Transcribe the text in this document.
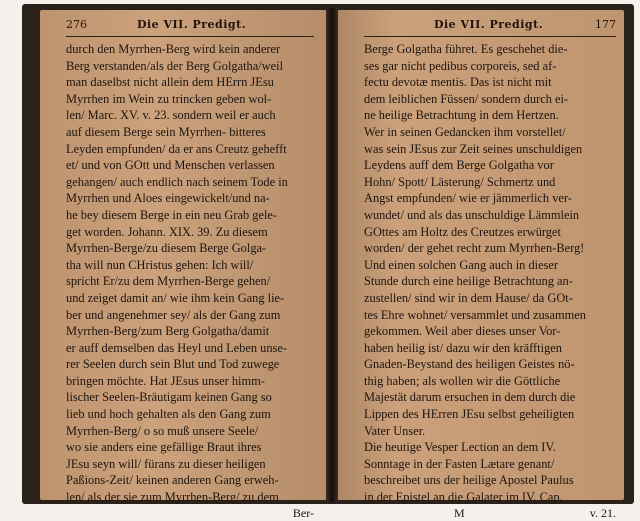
276	Die VII. Predigt.
durch den Myrrhen-Berg wird kein anderer
Berg verstanden/als der Berg Golgatha/weil
man daselbst nicht allein dem HErrn JEsu
Myrrhen im Wein zu trincken geben wol-
len/ Marc. XV. v. 23. sondern weil er auch
auf diesem Berge sein Myrrhen- bitteres
Leyden empfunden/ da er ans Creutz gehefft
et/ und von GOtt und Menschen verlassen
gehangen/ auch endlich nach seinem Tode in
Myrrhen und Aloes eingewickelt/und na-
he bey diesem Berge in ein neu Grab gele-
get worden. Johann. XIX. 39. Zu diesem
Myrrhen-Berge/zu diesem Berge Golga-
tha will nun CHristus gehen: Ich will/
spricht Er/zu dem Myrrhen-Berge gehen/
und zeiget damit an/ wie ihm kein Gang lie-
ber und angenehmer sey/ als der Gang zum
Myrrhen-Berg/zum Berg Golgatha/damit
er auff demselben das Heyl und Leben unse-
rer Seelen durch sein Blut und Tod zuwege
bringen möchte. Hat JEsus unser himm-
lischer Seelen-Bräutigam keinen Gang so
lieb und hoch gehalten als den Gang zum
Myrrhen-Berg/ o so muß unsere Seele/
wo sie anders eine gefällige Braut ihres
JEsu seyn will/ fürans zu dieser heiligen
Paßions-Zeit/ keinen anderen Gang erweh-
len/ als der sie zum Myrrhen-Berg/ zu dem
Ber-
Die VII. Predigt.	177
Berge Golgatha führet. Es geschehet die-
ses gar nicht pedibus corporeis, sed af-
fectu devotæ mentis. Das ist nicht mit
dem leiblichen Füssen/ sondern durch ei-
ne heilige Betrachtung in dem Hertzen.
Wer in seinen Gedancken ihm vorstellet/
was sein JEsus zur Zeit seines unschuldigen
Leydens auff dem Berge Golgatha vor
Hohn/ Spott/ Lästerung/ Schmertz und
Angst empfunden/ wie er jämmerlich ver-
wundet/ und als das unschuldige Lämmlein
GOttes am Holtz des Creutzes erwürget
worden/ der gehet recht zum Myrrhen-Berg!
Und einen solchen Gang auch in dieser
Stunde durch eine heilige Betrachtung an-
zustellen/ sind wir in dem Hause/ da GOt-
tes Ehre wohnet/ versammlet und zusammen
gekommen. Weil aber dieses unser Vor-
haben heilig ist/ dazu wir den kräfftigen
Gnaden-Beystand des heiligen Geistes nö-
thig haben; als wollen wir die Göttliche
Majestät darum ersuchen in dem durch die
Lippen des HErren JEsu selbst geheiligten
Vater Unser.
Die heutige Vesper Lection an dem IV.
Sonntage in der Fasten Lætare genant/
beschreibet uns der heilige Apostel Paulus
in der Epistel an die Galater im IV. Cap.
M	v. 21.
